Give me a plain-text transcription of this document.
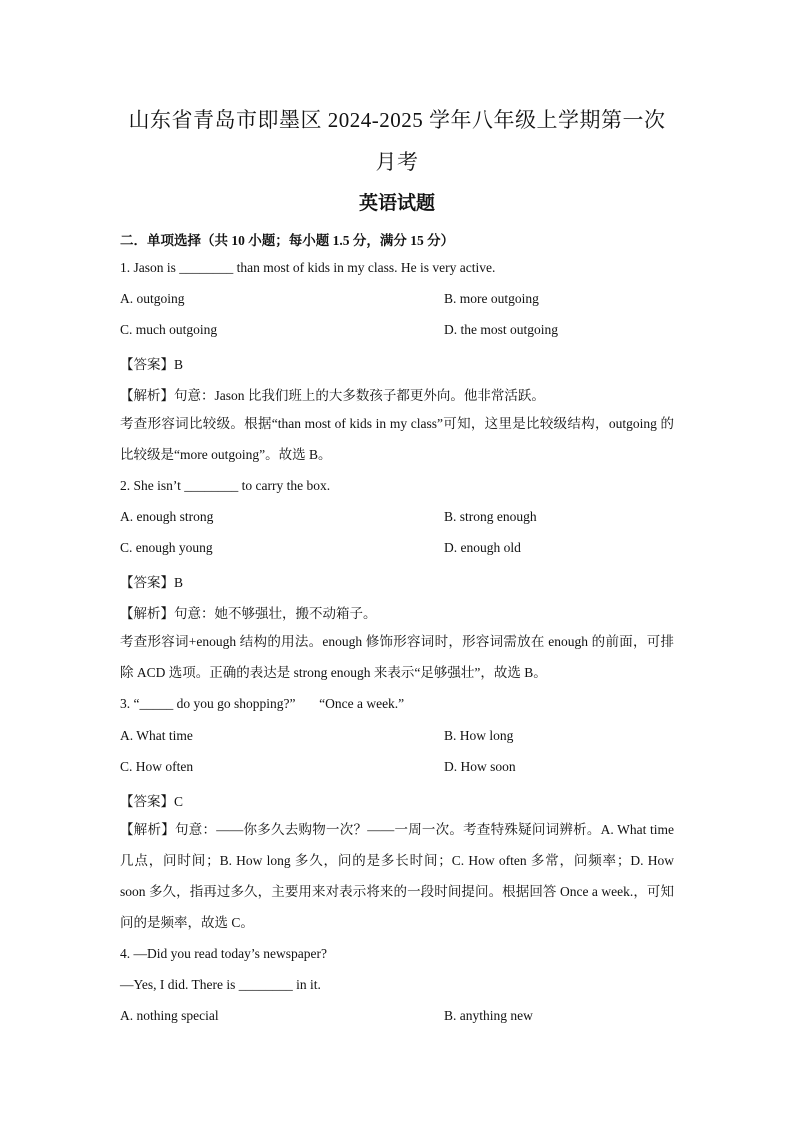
山东省青岛市即墨区 2024-2025 学年八年级上学期第一次
月考
英语试题
二．单项选择（共 10 小题；每小题 1.5 分，满分 15 分）
1. Jason is ________ than most of kids in my class. He is very active.
A. outgoing	B. more outgoing
C. much outgoing	D. the most outgoing
【答案】B
【解析】句意：Jason 比我们班上的大多数孩子都更外向。他非常活跃。
考查形容词比较级。根据“than most of kids in my class”可知，这里是比较级结构，outgoing 的比较级是“more outgoing”。故选 B。
2. She isn’t ________ to carry the box.
A. enough strong	B. strong enough
C. enough young	D. enough old
【答案】B
【解析】句意：她不够强壮，搬不动箱子。
考查形容词+enough 结构的用法。enough 修饰形容词时，形容词需放在 enough 的前面，可排除 ACD 选项。正确的表达是 strong enough 来表示“足够强壮”，故选 B。
3. “_____ do you go shopping?”       “Once a week.”
A. What time	B. How long
C. How often	D. How soon
【答案】C
【解析】句意：——你多久去购物一次？——一周一次。考查特殊疑问词辨析。A. What time 几点，问时间；B. How long 多久，问的是多长时间；C. How often 多常，问频率；D. How soon 多久，指再过多久，主要用来对表示将来的一段时间提问。根据回答 Once a week.，可知问的是频率，故选 C。
4. —Did you read today’s newspaper?
—Yes, I did. There is ________ in it.
A. nothing special	B. anything new
